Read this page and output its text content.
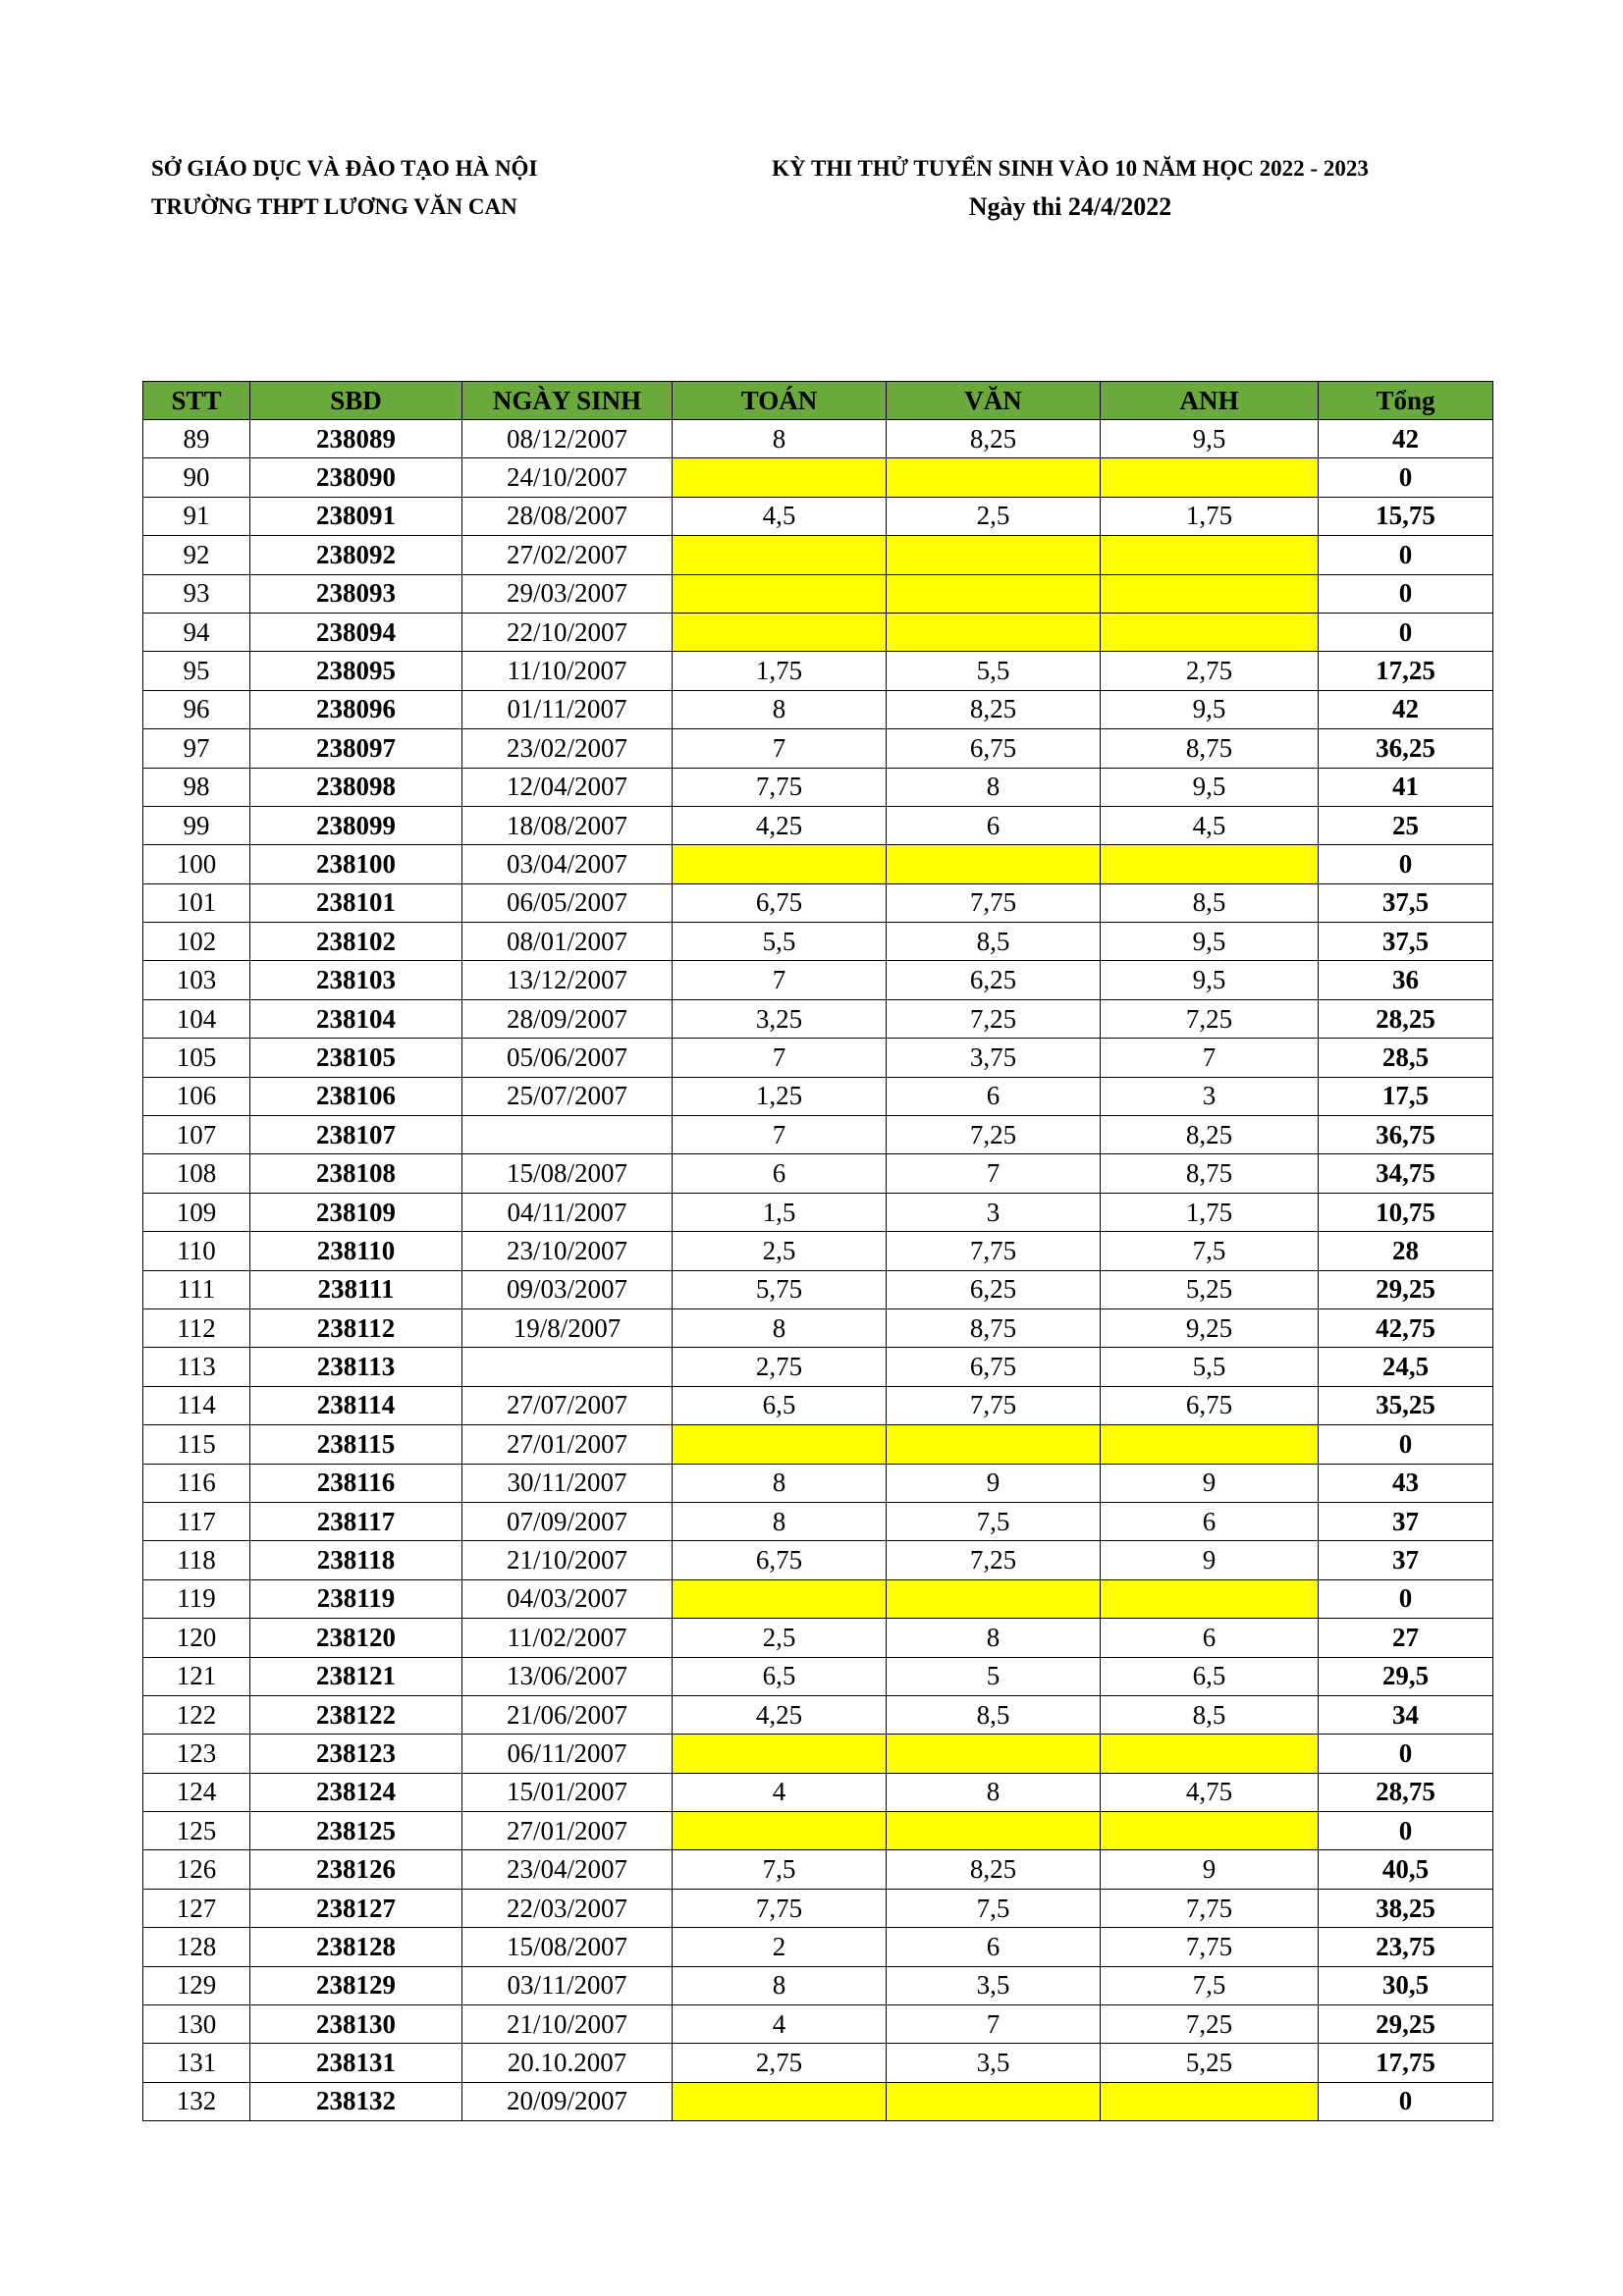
SỞ GIÁO DỤC VÀ ĐÀO TẠO HÀ NỘI
TRƯỜNG THPT LƯƠNG VĂN CAN
KỲ THI THỬ TUYỂN SINH VÀO 10 NĂM HỌC 2022 - 2023
Ngày thi 24/4/2022
STT	SBD	NGÀY SINH	TOÁN	VĂN	ANH	Tổng
89	238089	08/12/2007	8	8,25	9,5	42
90	238090	24/10/2007				0
91	238091	28/08/2007	4,5	2,5	1,75	15,75
92	238092	27/02/2007				0
93	238093	29/03/2007				0
94	238094	22/10/2007				0
95	238095	11/10/2007	1,75	5,5	2,75	17,25
96	238096	01/11/2007	8	8,25	9,5	42
97	238097	23/02/2007	7	6,75	8,75	36,25
98	238098	12/04/2007	7,75	8	9,5	41
99	238099	18/08/2007	4,25	6	4,5	25
100	238100	03/04/2007				0
101	238101	06/05/2007	6,75	7,75	8,5	37,5
102	238102	08/01/2007	5,5	8,5	9,5	37,5
103	238103	13/12/2007	7	6,25	9,5	36
104	238104	28/09/2007	3,25	7,25	7,25	28,25
105	238105	05/06/2007	7	3,75	7	28,5
106	238106	25/07/2007	1,25	6	3	17,5
107	238107		7	7,25	8,25	36,75
108	238108	15/08/2007	6	7	8,75	34,75
109	238109	04/11/2007	1,5	3	1,75	10,75
110	238110	23/10/2007	2,5	7,75	7,5	28
111	238111	09/03/2007	5,75	6,25	5,25	29,25
112	238112	19/8/2007	8	8,75	9,25	42,75
113	238113		2,75	6,75	5,5	24,5
114	238114	27/07/2007	6,5	7,75	6,75	35,25
115	238115	27/01/2007				0
116	238116	30/11/2007	8	9	9	43
117	238117	07/09/2007	8	7,5	6	37
118	238118	21/10/2007	6,75	7,25	9	37
119	238119	04/03/2007				0
120	238120	11/02/2007	2,5	8	6	27
121	238121	13/06/2007	6,5	5	6,5	29,5
122	238122	21/06/2007	4,25	8,5	8,5	34
123	238123	06/11/2007				0
124	238124	15/01/2007	4	8	4,75	28,75
125	238125	27/01/2007				0
126	238126	23/04/2007	7,5	8,25	9	40,5
127	238127	22/03/2007	7,75	7,5	7,75	38,25
128	238128	15/08/2007	2	6	7,75	23,75
129	238129	03/11/2007	8	3,5	7,5	30,5
130	238130	21/10/2007	4	7	7,25	29,25
131	238131	20.10.2007	2,75	3,5	5,25	17,75
132	238132	20/09/2007				0
